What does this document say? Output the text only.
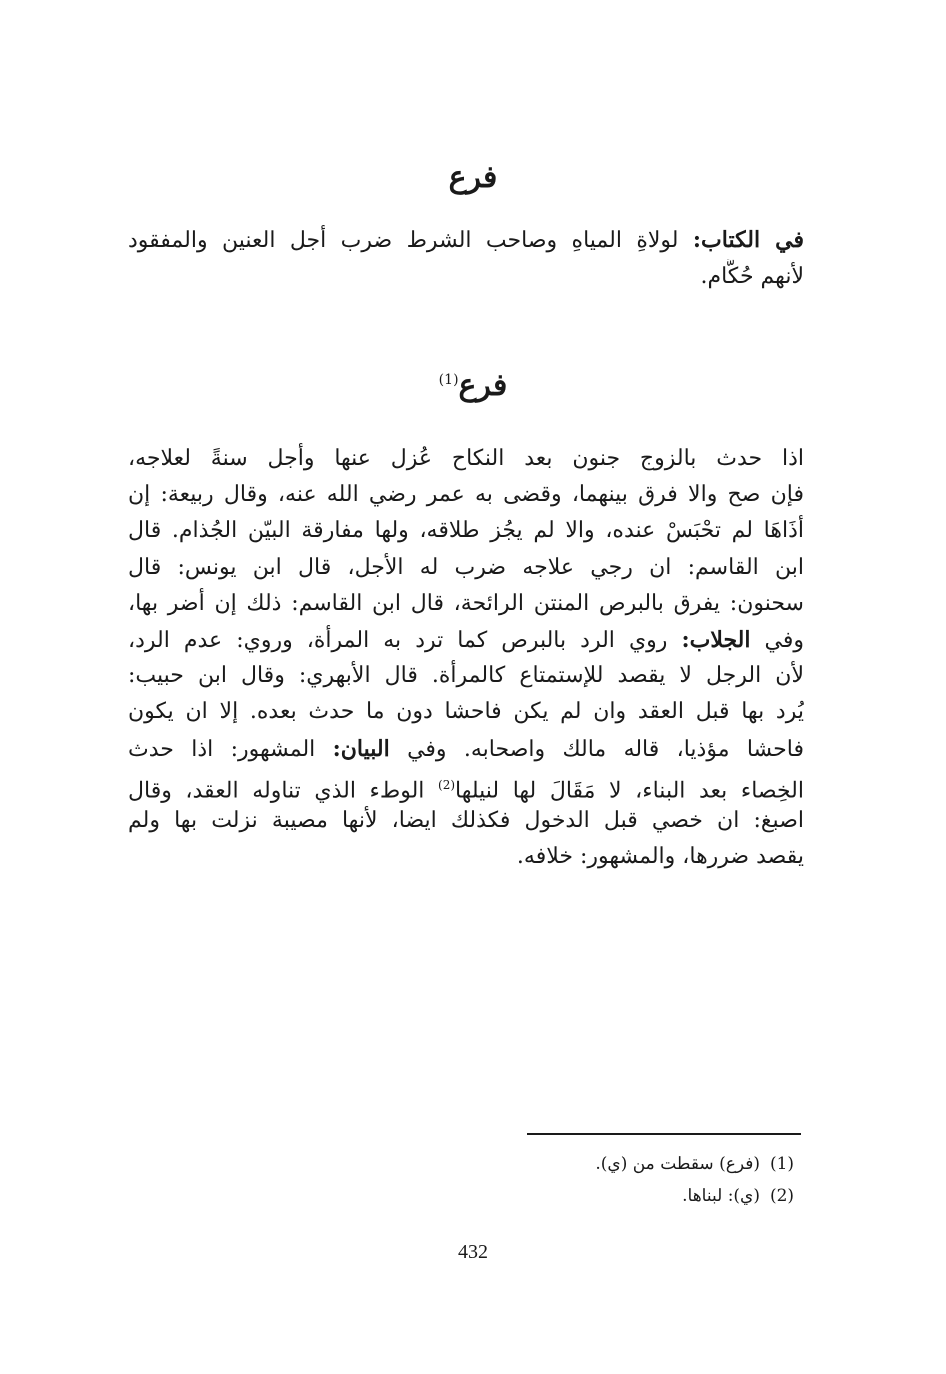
فرع
في الكتاب: لولاةِ المياهِ وصاحب الشرط ضرب أجل العنين والمفقود
لأنهم حُكَّام.
فرع$^{(1)}$
اذا حدث بالزوج جنون بعد النكاح عُزل عنها وأجل سنةً لعلاجه،
فإن صح والا فرق بينهما، وقضى به عمر رضي الله عنه، وقال ربيعة: إن
أذَاهَا لم تحْبَسْ عنده، والا لم يجُز طلاقه، ولها مفارقة البيّن الجُذام. قال
ابن القاسم: ان رجي علاجه ضرب له الأجل، قال ابن يونس: قال
سحنون: يفرق بالبرص المنتن الرائحة، قال ابن القاسم: ذلك إن أضر بها،
وفي الجلاب: روي الرد بالبرص كما ترد به المرأة، وروي: عدم الرد،
لأن الرجل لا يقصد للإستمتاع كالمرأة. قال الأبهري: وقال ابن حبيب:
يُرد بها قبل العقد وان لم يكن فاحشا دون ما حدث بعده. إلا ان يكون
فاحشا مؤذيا، قاله مالك واصحابه. وفي البيان: المشهور: اذا حدث
الخِصاء بعد البناء، لا مَقَالَ لها لنيلها$^{(2)}$ الوطء الذي تناوله العقد، وقال
اصبغ: ان خصي قبل الدخول فكذلك ايضا، لأنها مصيبة نزلت بها ولم
يقصد ضررها، والمشهور: خلافه.
(1)(فرع) سقطت من (ي).
(2)(ي): لبناها.
432
